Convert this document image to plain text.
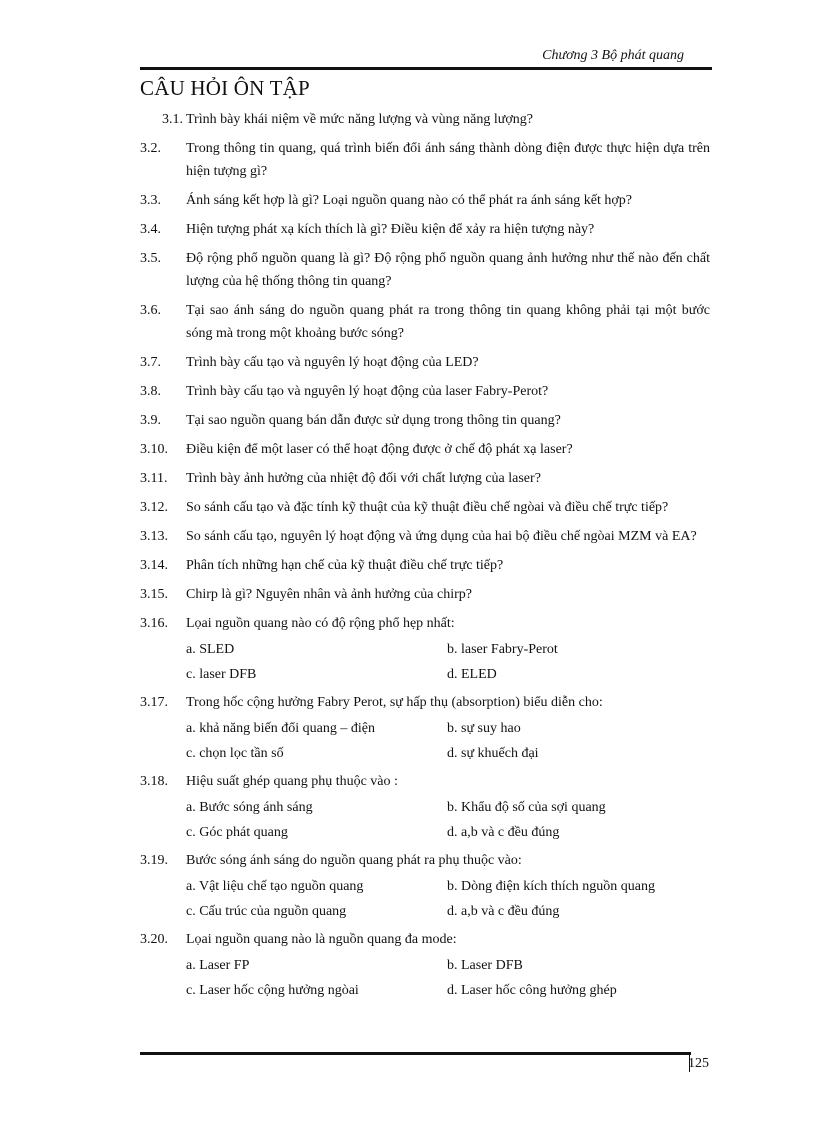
Chương 3 Bộ phát quang
CÂU HỎI ÔN TẬP
3.1. Trình bày khái niệm về mức năng lượng và vùng năng lượng?
3.2.	Trong thông tin quang, quá trình biến đổi ánh sáng thành dòng điện được thực hiện dựa trên hiện tượng gì?
3.3.	Ánh sáng kết hợp là gì? Loại nguồn quang nào có thể phát ra ánh sáng kết hợp?
3.4.	Hiện tượng phát xạ kích thích là gì? Điều kiện để xảy ra hiện tượng này?
3.5.	Độ rộng phổ nguồn quang là gì? Độ rộng phổ nguồn quang ảnh hưởng như thế nào đến chất lượng của hệ thống thông tin quang?
3.6.	Tại sao ánh sáng do nguồn quang phát ra trong thông tin quang không phải tại một bước sóng mà trong một khoảng bước sóng?
3.7.	Trình bày cấu tạo và nguyên lý hoạt động của LED?
3.8.	Trình bày cấu tạo và nguyên lý hoạt động của laser Fabry-Perot?
3.9.	Tại sao nguồn quang bán dẫn được sử dụng trong thông tin quang?
3.10.	Điều kiện để một laser có thể hoạt động được ở chế độ phát xạ laser?
3.11.	Trình bày ảnh hưởng của nhiệt độ đối với chất lượng của laser?
3.12.	So sánh cấu tạo và đặc tính kỹ thuật của kỹ thuật điều chế ngòai và điều chế trực tiếp?
3.13.	So sánh cấu tạo, nguyên lý hoạt động và ứng dụng của hai bộ điều chế ngòai MZM và EA?
3.14.	Phân tích những hạn chế của kỹ thuật điều chế trực tiếp?
3.15.	Chirp là gì? Nguyên nhân và ảnh hưởng của chirp?
3.16.	Lọai nguồn quang nào có độ rộng phổ hẹp nhất:
a. SLED	b. laser Fabry-Perot
c. laser DFB	d. ELED
3.17.	Trong hốc cộng hưởng Fabry Perot, sự hấp thụ (absorption) biểu diễn cho:
a. khả năng biến đổi quang – điện	b. sự suy hao
c. chọn lọc tần số	d. sự khuếch đại
3.18.	Hiệu suất ghép quang phụ thuộc vào :
a. Bước sóng ánh sáng	b. Khẩu độ số của sợi quang
c. Góc phát quang	d. a,b và c đều đúng
3.19.	Bước sóng ánh sáng do nguồn quang phát ra phụ thuộc vào:
a. Vật liệu chế tạo nguồn quang	b. Dòng điện kích thích nguồn quang
c. Cấu trúc của nguồn quang	d. a,b và c đều đúng
3.20.	Lọai nguồn quang nào là nguồn quang đa mode:
a. Laser FP	b. Laser DFB
c. Laser hốc cộng hưởng ngòai	d. Laser hốc công hưởng ghép
125
